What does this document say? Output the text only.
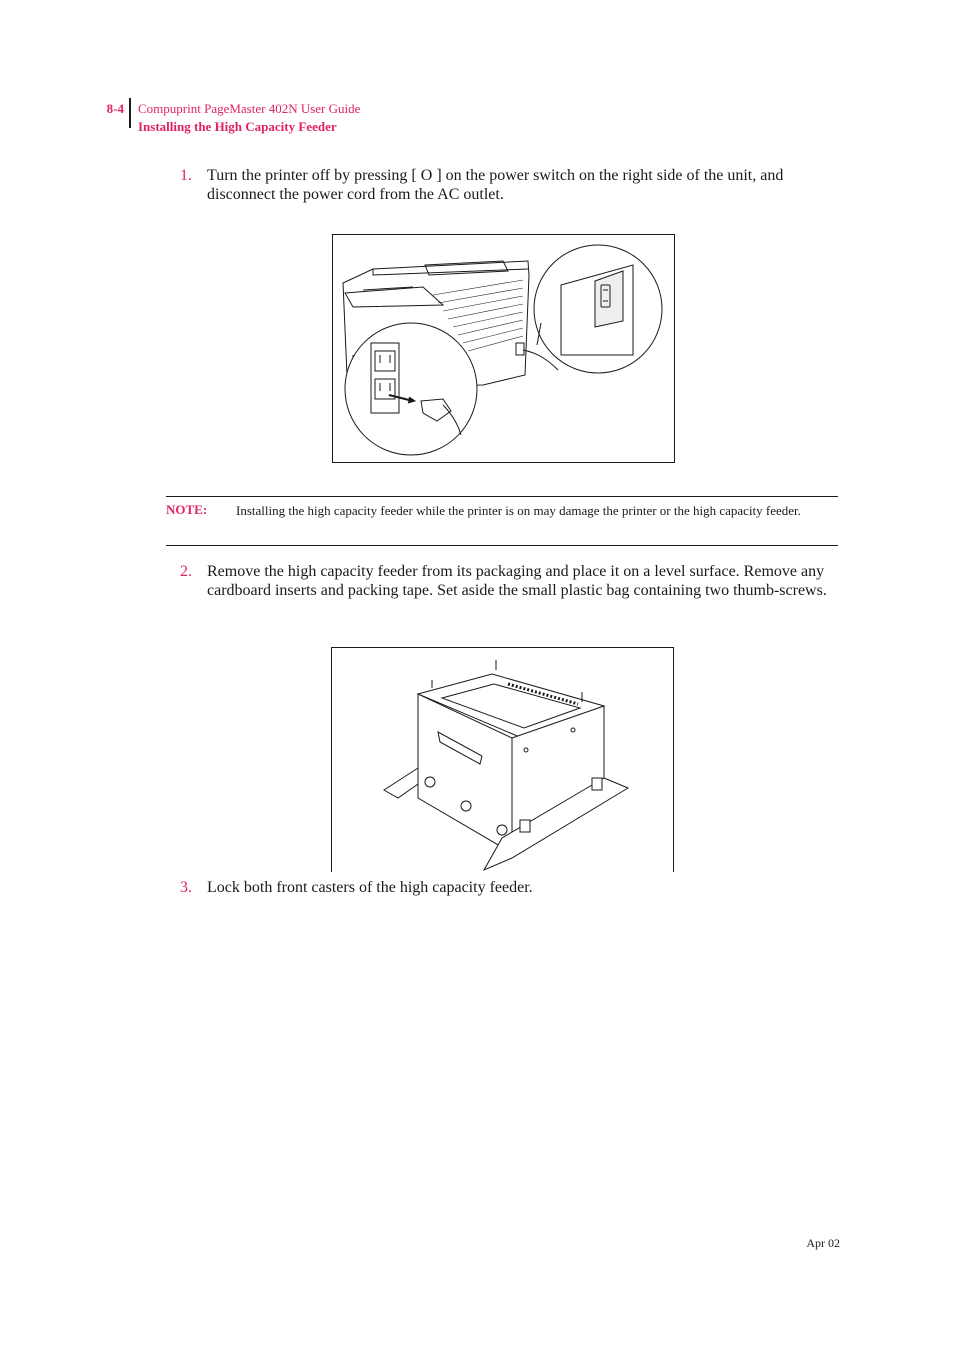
8-4 Compuprint PageMaster 402N User Guide
Installing the High Capacity Feeder
1. Turn the printer off by pressing [ O ] on the power switch on the right side of the unit, and disconnect the power cord from the AC outlet.
NOTE: Installing the high capacity feeder while the printer is on may damage the printer or the high capacity feeder.
2. Remove the high capacity feeder from its packaging and place it on a level surface. Remove any cardboard inserts and packing tape. Set aside the small plastic bag containing two thumb-screws.
3. Lock both front casters of the high capacity feeder.
Apr 02
